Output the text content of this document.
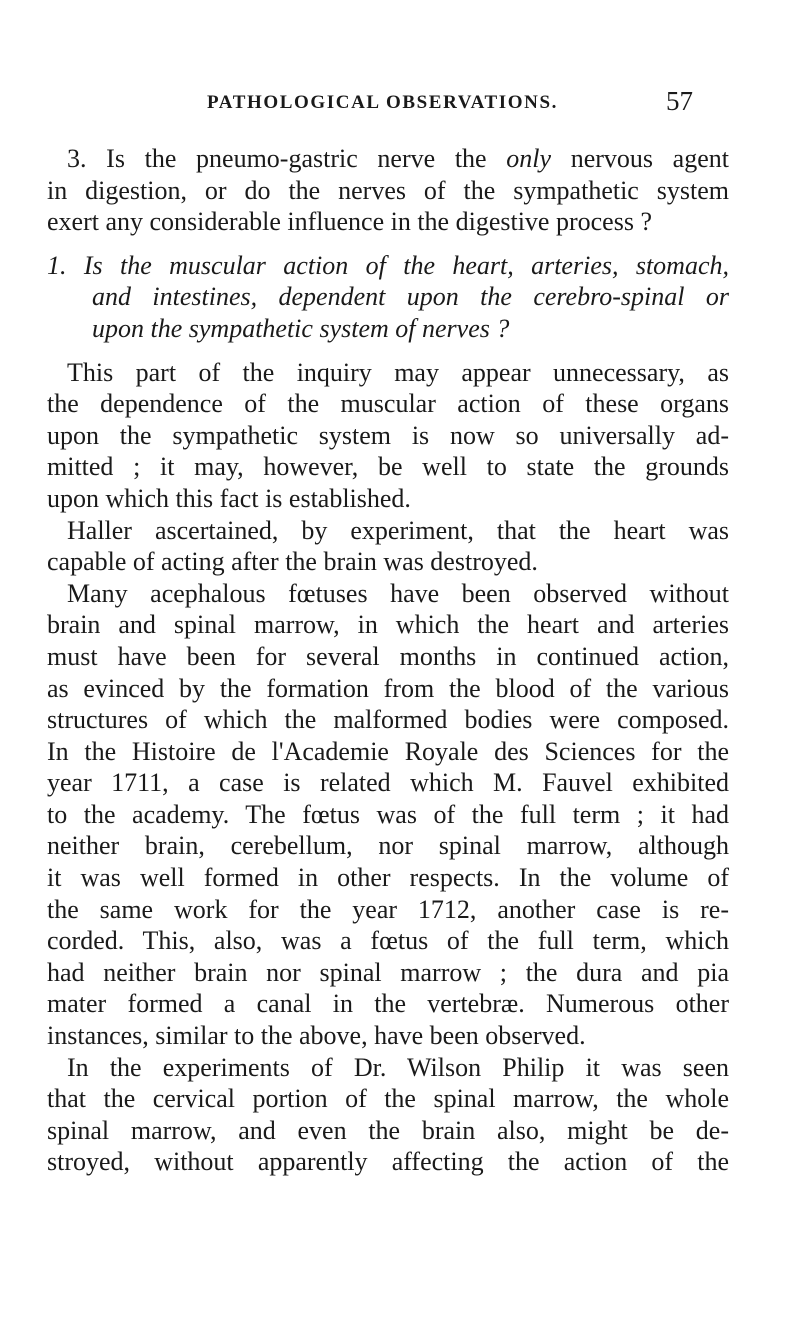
PATHOLOGICAL OBSERVATIONS.	57
3. Is the pneumo-gastric nerve the only nervous agent
in digestion, or do the nerves of the sympathetic system
exert any considerable influence in the digestive process ?
1. Is the muscular action of the heart, arteries, stomach,
and intestines, dependent upon the cerebro-spinal or
upon the sympathetic system of nerves ?
This part of the inquiry may appear unnecessary, as
the dependence of the muscular action of these organs
upon the sympathetic system is now so universally ad-
mitted ; it may, however, be well to state the grounds
upon which this fact is established.
Haller ascertained, by experiment, that the heart was
capable of acting after the brain was destroyed.
Many acephalous fœtuses have been observed without
brain and spinal marrow, in which the heart and arteries
must have been for several months in continued action,
as evinced by the formation from the blood of the various
structures of which the malformed bodies were composed.
In the Histoire de l'Academie Royale des Sciences for the
year 1711, a case is related which M. Fauvel exhibited
to the academy. The fœtus was of the full term ; it had
neither brain, cerebellum, nor spinal marrow, although
it was well formed in other respects. In the volume of
the same work for the year 1712, another case is re-
corded. This, also, was a fœtus of the full term, which
had neither brain nor spinal marrow ; the dura and pia
mater formed a canal in the vertebræ. Numerous other
instances, similar to the above, have been observed.
In the experiments of Dr. Wilson Philip it was seen
that the cervical portion of the spinal marrow, the whole
spinal marrow, and even the brain also, might be de-
stroyed, without apparently affecting the action of the
